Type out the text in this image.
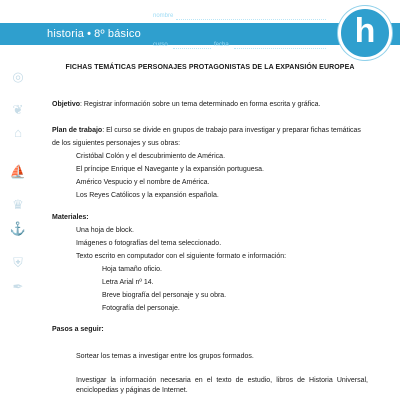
historia • 8º básico
nombre
curso	fecha	h
◎
❦
⌂
⛵
♛
⚓
⛨
✒
FICHAS TEMÁTICAS PERSONAJES PROTAGONISTAS DE LA EXPANSIÓN EUROPEA
Objetivo: Registrar información sobre un tema determinado en forma escrita y gráfica.
Plan de trabajo: El curso se divide en grupos de trabajo para investigar y preparar fichas temáticas
de los siguientes personajes y sus obras:
Cristóbal Colón y el descubrimiento de América.
El príncipe Enrique el Navegante y la expansión portuguesa.
Américo Vespucio y el nombre de América.
Los Reyes Católicos y la expansión española.
Materiales:
Una hoja de block.
Imágenes o fotografías del tema seleccionado.
Texto escrito en computador con el siguiente formato e información:
Hoja tamaño oficio.
Letra Arial nº 14.
Breve biografía del personaje y su obra.
Fotografía del personaje.
Pasos a seguir:
Sortear los temas a investigar entre los grupos formados.
Investigar la información necesaria en el texto de estudio, libros de Historia Universal, enciclopedias y páginas de Internet.
